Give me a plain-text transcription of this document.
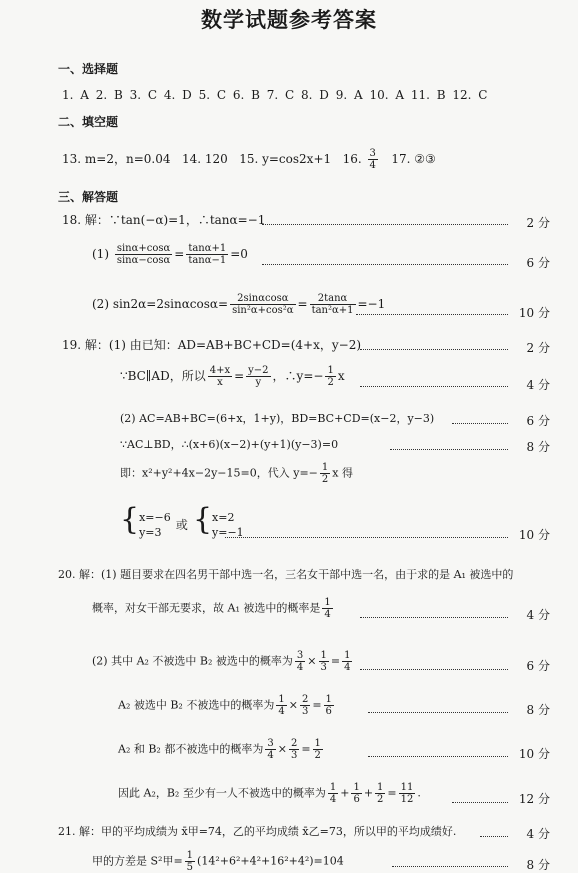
数学试题参考答案
一、选择题
1. A 2. B 3. C 4. D 5. C 6. B 7. C 8. D 9. A 10. A 11. B 12. C
二、填空题
13. m=2，n=0.04 14. 120 15. y=cos2x+1 16. $\frac{3}{4} 17$. ②③
三、解答题
18. 解：∵tan(−α)=1，∴tanα=−1	2 分
$(1) \frac{\sin\alpha+\cos\alpha}{\sin\alpha-\cos\alpha} = \frac{\tan\alpha+1}{\tan\alpha-1} =0$
6 分
(2) $\sin 2\alpha=2\sin\alpha\cos\alpha= \frac{2\sin\alpha\cos\alpha}{\text{sin²α+cos²α}} = \frac{2\tan\alpha}{\text{tan²α+1}} =-1$
10 分
19. 解：(1) 由已知：AD=AB+BC+CD=(4+x，y−2)	2 分
∵BC∥AD，所以 $\frac{4+x}{x} = \frac{y-2}{y}$ ，∴y=− $\frac{1}{2}$ x
4 分
(2) AC=AB+BC=(6+x，1+y)，BD=BC+CD=(x−2，y−3)	6 分
∵AC⊥BD，∴(x+6)(x−2)+(y+1)(y−3)=0	8 分
即：x²+y²+4x−2y−15=0，代入 $y=- \frac{1}{2}$ x 得
{x=−6
y=3 或 {x=2
y=−1	10 分
20. 解：(1) 题目要求在四名男干部中选一名，三名女干部中选一名，由于求的是 A₁ 被选中的
概率，对女干部无要求，故 A₁ 被选中的概率是 $\frac{1}{4}$	4 分
(2) 其中 A₂ 不被选中 B₂ 被选中的概率为 $\frac{3}{4} \times \frac{1}{3} = \frac{1}{4}$	6 分
A₂ 被选中 B₂ 不被选中的概率为 $\frac{1}{4} \times \frac{2}{3} = \frac{1}{6}$	8 分
A₂ 和 B₂ 都不被选中的概率为 $\frac{3}{4} \times \frac{2}{3} = \frac{1}{2}$	10 分
因此 A₂，B₂ 至少有一人不被选中的概率为 $\frac{1}{4} + \frac{1}{6} + \frac{1}{2} = \frac{11}{12}$ .	12 分
21. 解：甲的平均成绩为 x̄甲=74，乙的平均成绩 x̄乙=73，所以甲的平均成绩好.	4 分
甲的方差是 S²甲= $\frac{1}{5} (14^2+6^2+4^2+16^2+4^2)=104$	8 分
